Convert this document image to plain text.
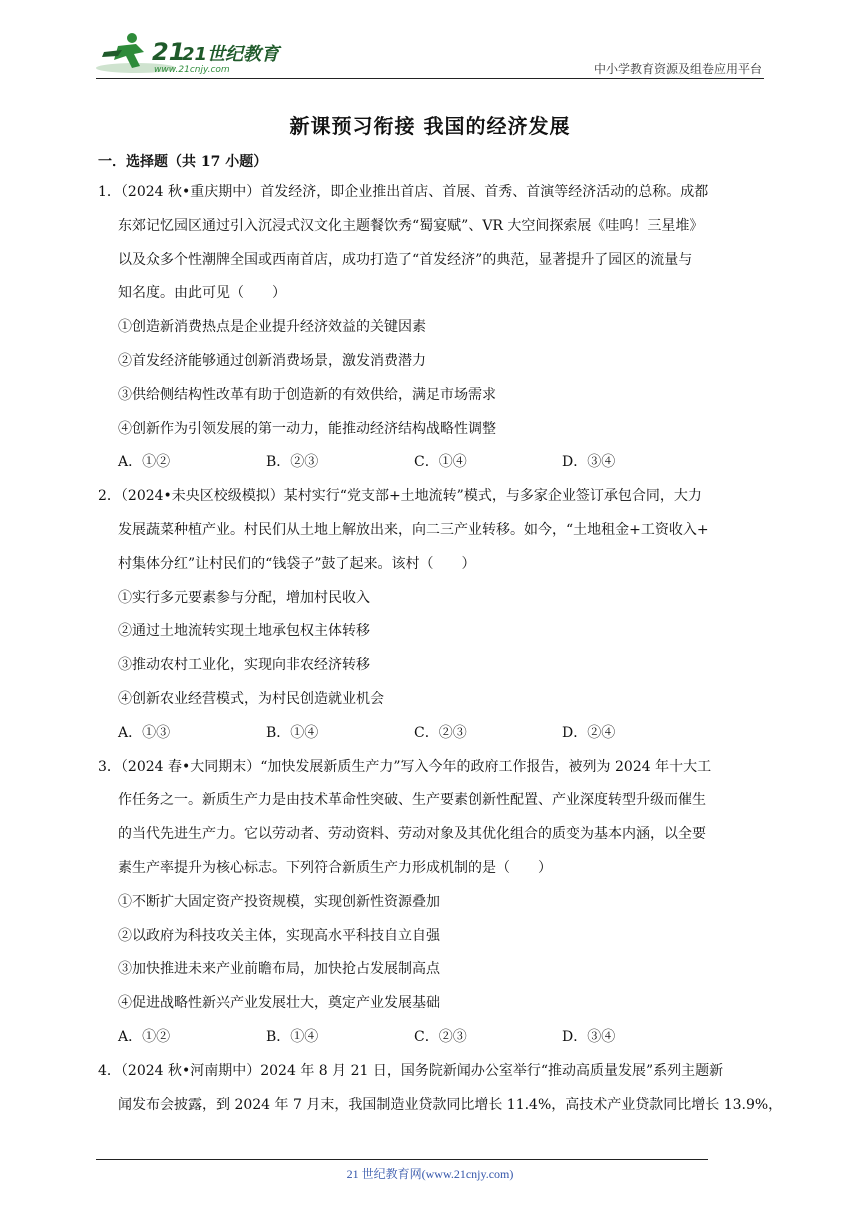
21
21世纪教育
www.21cnjy.com	中小学教育资源及组卷应用平台
新课预习衔接 我国的经济发展
一．选择题（共 17 小题）
1．（2024 秋•重庆期中）首发经济，即企业推出首店、首展、首秀、首演等经济活动的总称。成都
东郊记忆园区通过引入沉浸式汉文化主题餐饮秀“蜀宴赋”、VR 大空间探索展《哇呜！三星堆》
以及众多个性潮牌全国或西南首店，成功打造了“首发经济”的典范，显著提升了园区的流量与
知名度。由此可见（　　）
①创造新消费热点是企业提升经济效益的关键因素
②首发经济能够通过创新消费场景，激发消费潜力
③供给侧结构性改革有助于创造新的有效供给，满足市场需求
④创新作为引领发展的第一动力，能推动经济结构战略性调整
A．①②	B．②③	C．①④	D．③④
2．（2024•未央区校级模拟）某村实行“党支部+土地流转”模式，与多家企业签订承包合同，大力
发展蔬菜种植产业。村民们从土地上解放出来，向二三产业转移。如今，“土地租金+工资收入+
村集体分红”让村民们的“钱袋子”鼓了起来。该村（　　）
①实行多元要素参与分配，增加村民收入
②通过土地流转实现土地承包权主体转移
③推动农村工业化，实现向非农经济转移
④创新农业经营模式，为村民创造就业机会
A．①③	B．①④	C．②③	D．②④
3．（2024 春•大同期末）“加快发展新质生产力”写入今年的政府工作报告，被列为 2024 年十大工
作任务之一。新质生产力是由技术革命性突破、生产要素创新性配置、产业深度转型升级而催生
的当代先进生产力。它以劳动者、劳动资料、劳动对象及其优化组合的质变为基本内涵，以全要
素生产率提升为核心标志。下列符合新质生产力形成机制的是（　　）
①不断扩大固定资产投资规模，实现创新性资源叠加
②以政府为科技攻关主体，实现高水平科技自立自强
③加快推进未来产业前瞻布局，加快抢占发展制高点
④促进战略性新兴产业发展壮大，奠定产业发展基础
A．①②	B．①④	C．②③	D．③④
4．（2024 秋•河南期中）2024 年 8 月 21 日，国务院新闻办公室举行“推动高质量发展”系列主题新
闻发布会披露，到 2024 年 7 月末，我国制造业贷款同比增长 11.4%，高技术产业贷款同比增长 13.9%，
21 世纪教育网(www.21cnjy.com)
